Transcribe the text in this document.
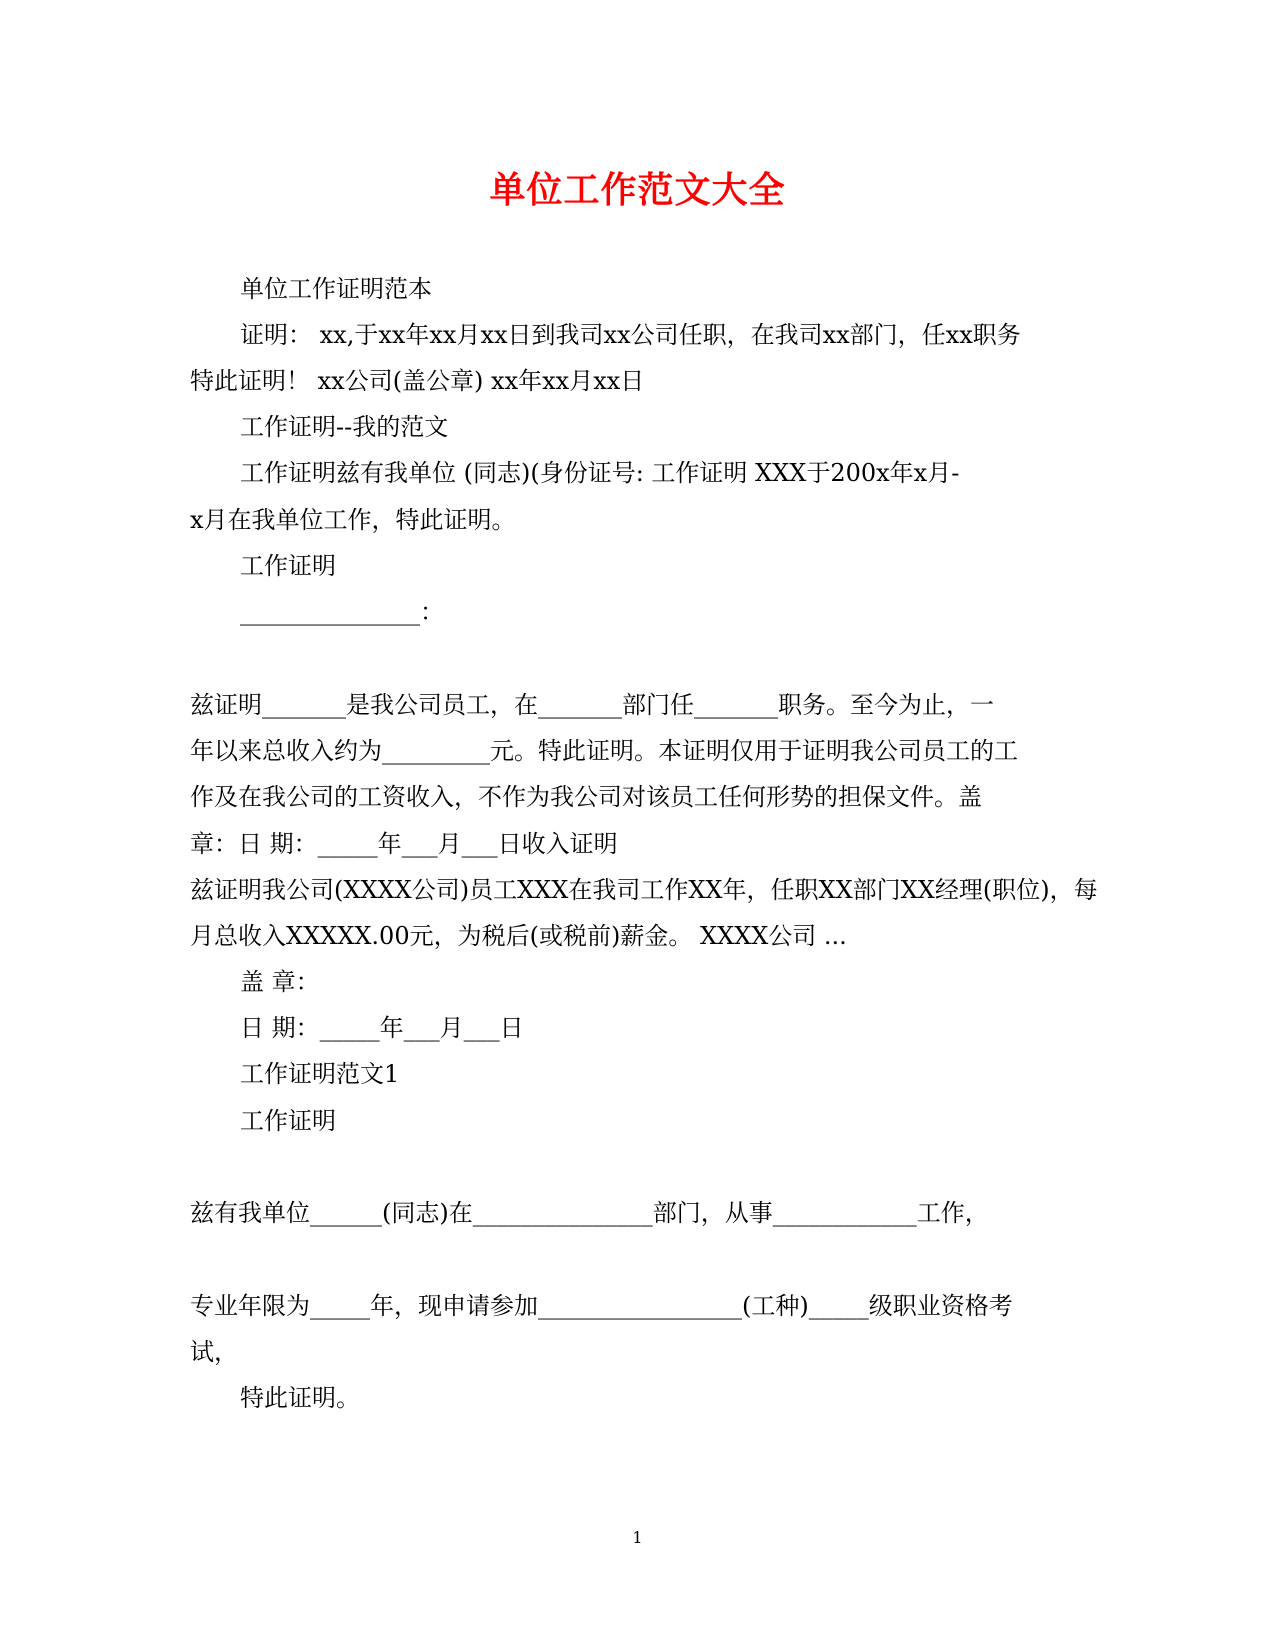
单位工作范文大全
单位工作证明范本
证明： xx,于xx年xx月xx日到我司xx公司任职，在我司xx部门，任xx职务
特此证明！ xx公司(盖公章) xx年xx月xx日
工作证明--我的范文
工作证明兹有我单位 (同志)(身份证号: 工作证明 XXX于200x年x月-
x月在我单位工作，特此证明。
工作证明
_______________：
兹证明_______是我公司员工，在_______部门任_______职务。至今为止，一
年以来总收入约为_________元。特此证明。本证明仅用于证明我公司员工的工
作及在我公司的工资收入，不作为我公司对该员工任何形势的担保文件。盖
章：日 期：_____年___月___日收入证明
兹证明我公司(XXXX公司)员工XXX在我司工作XX年，任职XX部门XX经理(职位)，每
月总收入XXXXX.00元，为税后(或税前)薪金。 XXXX公司 ...
盖 章：
日 期：_____年___月___日
工作证明范文1
工作证明
兹有我单位______(同志)在_______________部门，从事____________工作，
专业年限为_____年，现申请参加_________________(工种)_____级职业资格考
试，
特此证明。
1
